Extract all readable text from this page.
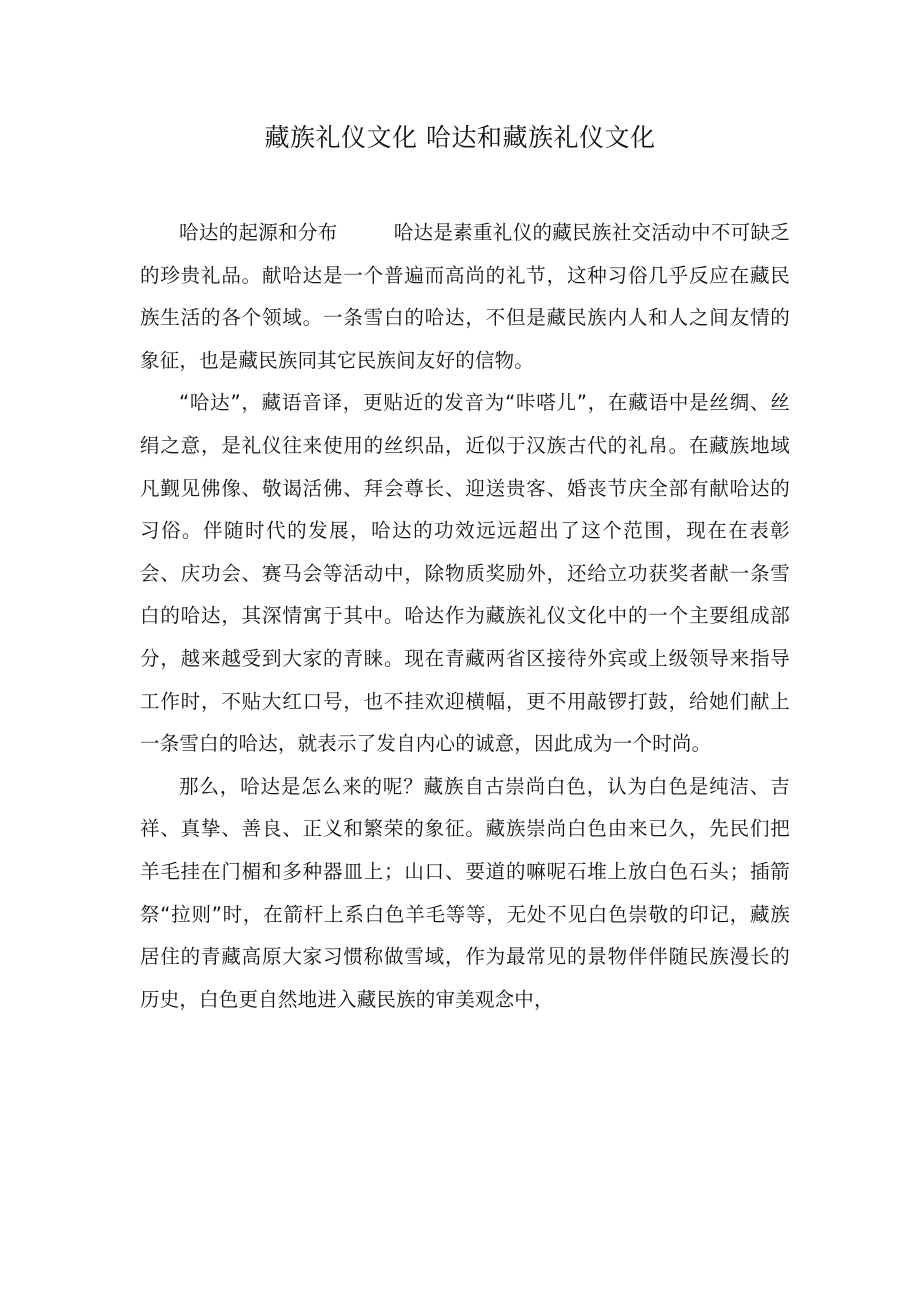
藏族礼仪文化 哈达和藏族礼仪文化

哈达的起源和分布	哈达是素重礼仪的藏民族社交活动中不可缺乏的珍贵礼品。献哈达是一个普遍而高尚的礼节，这种习俗几乎反应在藏民族生活的各个领域。一条雪白的哈达，不但是藏民族内人和人之间友情的象征，也是藏民族同其它民族间友好的信物。

“哈达”，藏语音译，更贴近的发音为“咔嗒儿”，在藏语中是丝绸、丝绢之意，是礼仪往来使用的丝织品，近似于汉族古代的礼帛。在藏族地域凡觐见佛像、敬谒活佛、拜会尊长、迎送贵客、婚丧节庆全部有献哈达的习俗。伴随时代的发展，哈达的功效远远超出了这个范围，现在在表彰会、庆功会、赛马会等活动中，除物质奖励外，还给立功获奖者献一条雪白的哈达，其深情寓于其中。哈达作为藏族礼仪文化中的一个主要组成部分，越来越受到大家的青睐。现在青藏两省区接待外宾或上级领导来指导工作时，不贴大红口号，也不挂欢迎横幅，更不用敲锣打鼓，给她们献上一条雪白的哈达，就表示了发自内心的诚意，因此成为一个时尚。

那么，哈达是怎么来的呢？藏族自古崇尚白色，认为白色是纯洁、吉祥、真挚、善良、正义和繁荣的象征。藏族崇尚白色由来已久，先民们把羊毛挂在门楣和多种器皿上；山口、要道的嘛呢石堆上放白色石头；插箭祭“拉则”时，在箭杆上系白色羊毛等等，无处不见白色崇敬的印记，藏族居住的青藏高原大家习惯称做雪域，作为最常见的景物伴伴随民族漫长的历史，白色更自然地进入藏民族的审美观念中，
